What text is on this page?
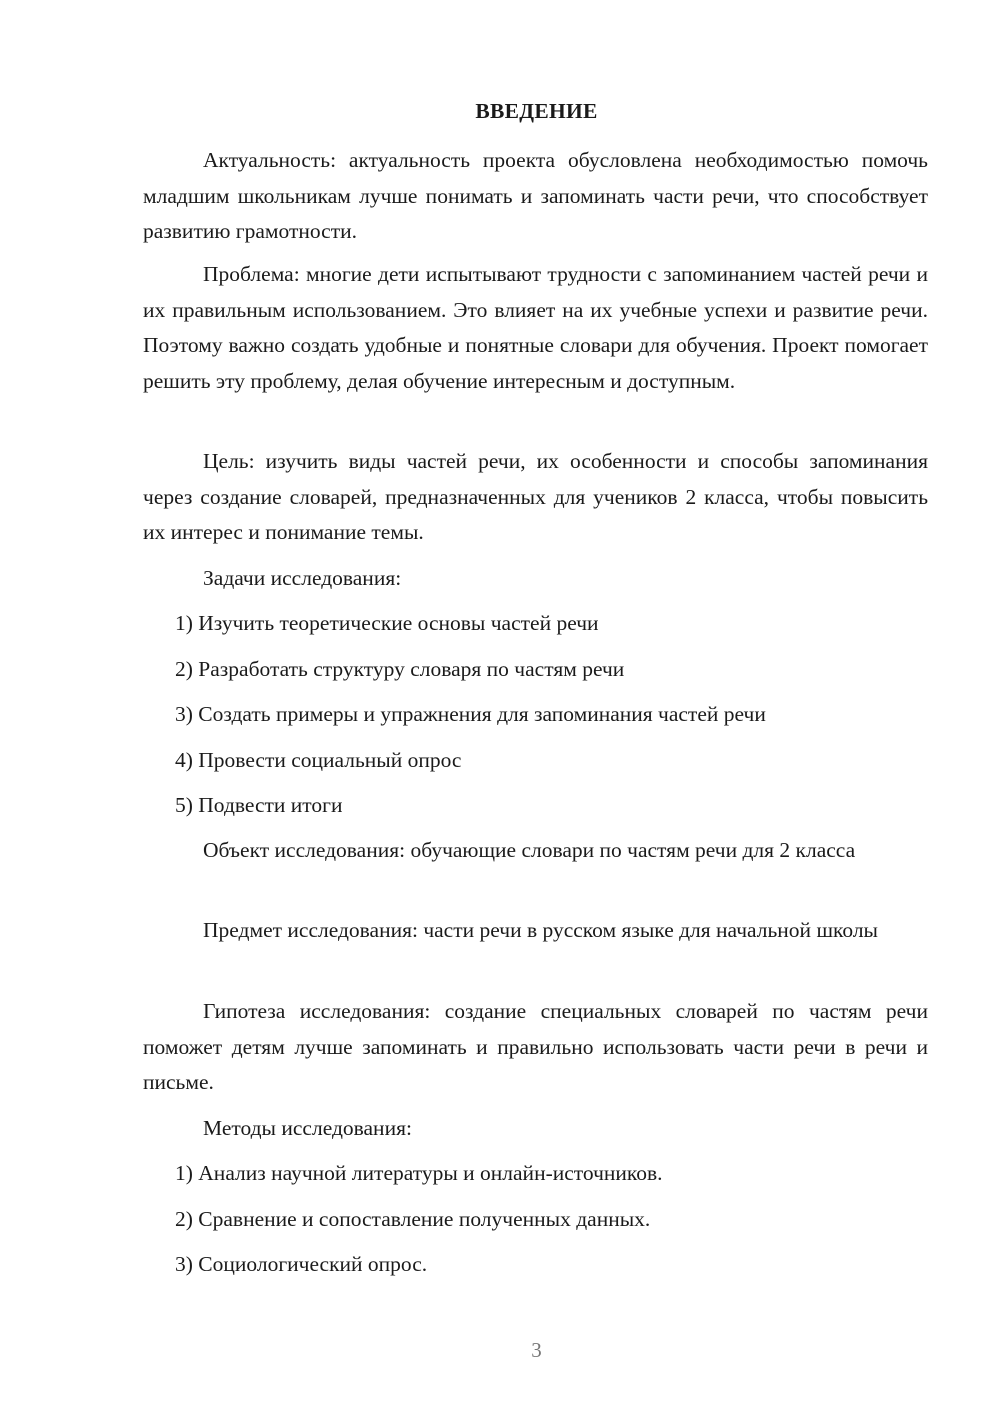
ВВЕДЕНИЕ

Актуальность: актуальность проекта обусловлена необходимостью помочь младшим школьникам лучше понимать и запоминать части речи, что способствует развитию грамотности.

Проблема: многие дети испытывают трудности с запоминанием частей речи и их правильным использованием. Это влияет на их учебные успехи и развитие речи. Поэтому важно создать удобные и понятные словари для обучения. Проект помогает решить эту проблему, делая обучение интересным и доступным.

Цель: изучить виды частей речи, их особенности и способы запоминания через создание словарей, предназначенных для учеников 2 класса, чтобы повысить их интерес и понимание темы.

Задачи исследования:
1) Изучить теоретические основы частей речи
2) Разработать структуру словаря по частям речи
3) Создать примеры и упражнения для запоминания частей речи
4) Провести социальный опрос
5) Подвести итоги

Объект исследования: обучающие словари по частям речи для 2 класса

Предмет исследования: части речи в русском языке для начальной школы

Гипотеза исследования: создание специальных словарей по частям речи поможет детям лучше запоминать и правильно использовать части речи в речи и письме.

Методы исследования:
1) Анализ научной литературы и онлайн-источников.
2) Сравнение и сопоставление полученных данных.
3) Социологический опрос.
3
